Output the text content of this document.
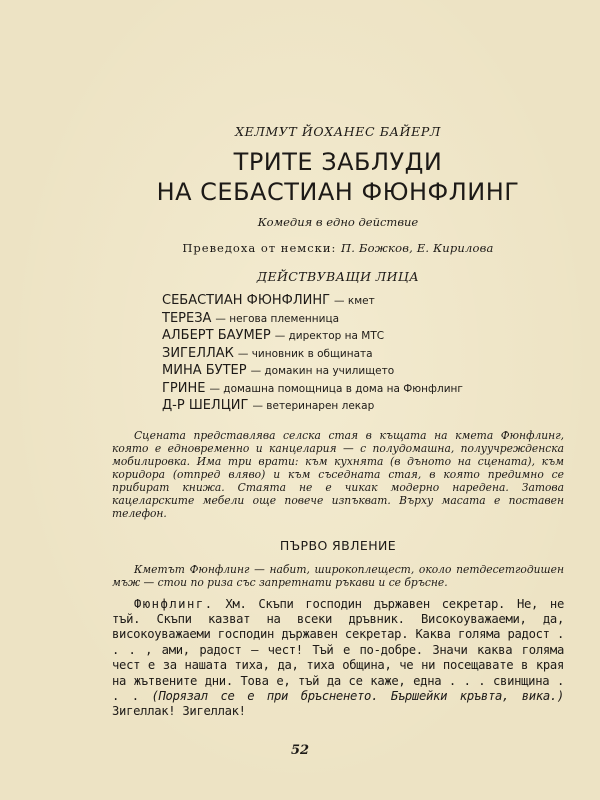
ХЕЛМУТ ЙОХАНЕС БАЙЕРЛ

ТРИТЕ ЗАБЛУДИ
НА СЕБАСТИАН ФЮНФЛИНГ

Комедия в едно действие

Преведоха от немски: П. Божков, Е. Кирилова

ДЕЙСТВУВАЩИ ЛИЦА

СЕБАСТИАН ФЮНФЛИНГ — кмет
ТЕРЕЗА — негова племенница
АЛБЕРТ БАУМЕР — директор на МТС
ЗИГЕЛЛАК — чиновник в общината
МИНА БУТЕР — домакин на училището
ГРИНЕ — домашна помощница в дома на Фюнфлинг
Д-Р ШЕЛЦИГ — ветеринарен лекар

Сцената представлява селска стая в къщата на кмета Фюнфлинг, която е едновременно и канцелария — с полудомашна, полуучрежденска мобилировка. Има три врати: към кухнята (в дъното на сцената), към коридора (отпред вляво) и към съседната стая, в която предимно се прибират книжа. Стаята не е чикак модерно наредена. Затова кацеларските мебели още повече изпъкват. Върху масата е поставен телефон.

ПЪРВО ЯВЛЕНИЕ

Кметът Фюнфлинг — набит, широкоплещест, около петдесетгодишен мъж — стои по риза със запретнати ръкави и се бръсне.

Фюнфлинг. Хм. Скъпи господин държавен секретар. Не, не тъй. Скъпи казват на всеки дръвник. Високоуважаеми, да, високоуважаеми господин държавен секретар. Каква голяма радост . . . , ами, радост — чест! Тъй е по-добре. Значи каква голяма чест е за нашата тиха, да, тиха община, че ни посещавате в края на жътвените дни. Това е, тъй да се каже, една . . . свинщина . . . (Порязал се е при бръсненето. Бършейки кръвта, вика.) Зигеллак! Зигеллак!

52
